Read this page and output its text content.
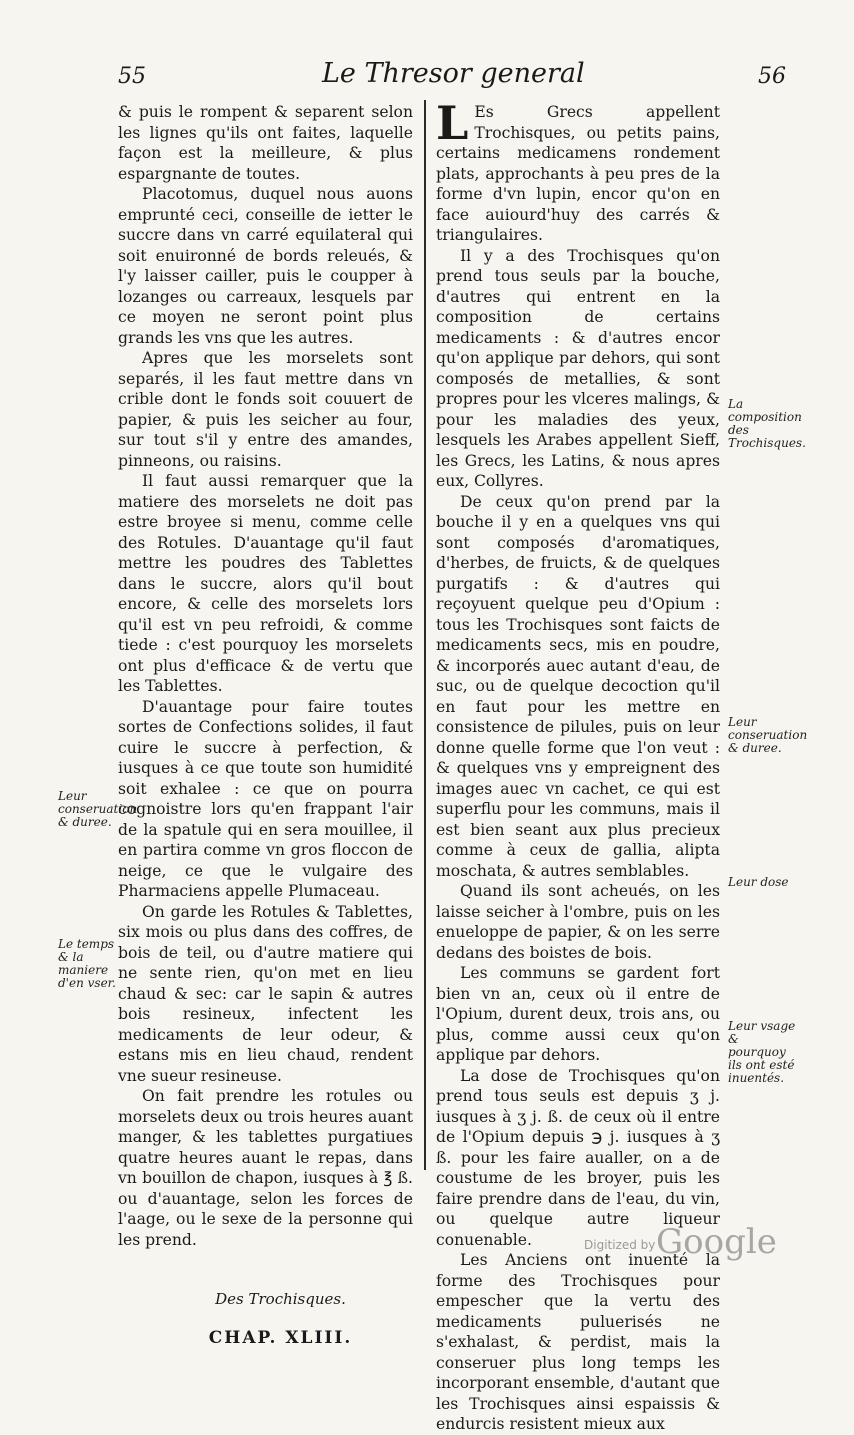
55	Le Thresor general	56

& puis le rompent & separent selon les lignes qu'ils ont faites, laquelle façon est la meilleure, & plus espargnante de toutes.

Placotomus, duquel nous auons emprunté ceci, conseille de ietter le succre dans vn carré equilateral qui soit enuironné de bords releués, & l'y laisser cailler, puis le coupper à lozanges ou carreaux, lesquels par ce moyen ne seront point plus grands les vns que les autres.

Apres que les morselets sont separés, il les faut mettre dans vn crible dont le fonds soit couuert de papier, & puis les seicher au four, sur tout s'il y entre des amandes, pinneons, ou raisins.

Il faut aussi remarquer que la matiere des morselets ne doit pas estre broyee si menu, comme celle des Rotules. D'auantage qu'il faut mettre les poudres des Tablettes dans le succre, alors qu'il bout encore, & celle des morselets lors qu'il est vn peu refroidi, & comme tiede : c'est pourquoy les morselets ont plus d'efficace & de vertu que les Tablettes.

D'auantage pour faire toutes sortes de Confections solides, il faut cuire le succre à perfection, & iusques à ce que toute son humidité soit exhalee : ce que on pourra cognoistre lors qu'en frappant l'air de la spatule qui en sera mouillee, il en partira comme vn gros floccon de neige, ce que le vulgaire des Pharmaciens appelle Plumaceau.

On garde les Rotules & Tablettes, six mois ou plus dans des coffres, de bois de teil, ou d'autre matiere qui ne sente rien, qu'on met en lieu chaud & sec: car le sapin & autres bois resineux, infectent les medicaments de leur odeur, & estans mis en lieu chaud, rendent vne sueur resineuse.

On fait prendre les rotules ou morselets deux ou trois heures auant manger, & les tablettes purgatiues quatre heures auant le repas, dans vn bouillon de chapon, iusques à ℥ ß. ou d'auantage, selon les forces de l'aage, ou le sexe de la personne qui les prend.

Des Trochisques.

CHAP. XLIII.

L Es Grecs appellent Trochisques, ou petits pains, certains medicamens rondement plats, approchants à peu pres de la forme d'vn lupin, encor qu'on en face auiourd'huy des carrés & triangulaires.

Il y a des Trochisques qu'on prend tous seuls par la bouche, d'autres qui entrent en la composition de certains medicaments : & d'autres encor qu'on applique par dehors, qui sont composés de metallies, & sont propres pour les vlceres malings, & pour les maladies des yeux, lesquels les Arabes appellent Sieff, les Grecs, les Latins, & nous apres eux, Collyres.

De ceux qu'on prend par la bouche il y en a quelques vns qui sont composés d'aromatiques, d'herbes, de fruicts, & de quelques purgatifs : & d'autres qui reçoyuent quelque peu d'Opium : tous les Trochisques sont faicts de medicaments secs, mis en poudre, & incorporés auec autant d'eau, de suc, ou de quelque decoction qu'il en faut pour les mettre en consistence de pilules, puis on leur donne quelle forme que l'on veut : & quelques vns y empreignent des images auec vn cachet, ce qui est superflu pour les communs, mais il est bien seant aux plus precieux comme à ceux de gallia, alipta moschata, & autres semblables.

Quand ils sont acheués, on les laisse seicher à l'ombre, puis on les enueloppe de papier, & on les serre dedans des boistes de bois.

Les communs se gardent fort bien vn an, ceux où il entre de l'Opium, durent deux, trois ans, ou plus, comme aussi ceux qu'on applique par dehors.

La dose de Trochisques qu'on prend tous seuls est depuis ʒ j. iusques à ʒ j. ß. de ceux où il entre de l'Opium depuis ℈ j. iusques à ʒ ß. pour les faire aualler, on a de coustume de les broyer, puis les faire prendre dans de l'eau, du vin, ou quelque autre liqueur conuenable.

Les Anciens ont inuenté la forme des Trochisques pour empescher que la vertu des medicaments puluerisés ne s'exhalast, & perdist, mais la conseruer plus long temps les incorporant ensemble, d'autant que les Trochisques ainsi espaissis & endurcis resistent mieux aux

Leur conseruation & duree.
Le temps & la maniere d'en vser.
La composition des Trochisques.
Leur conseruation & duree.
Leur dose
Leur vsage & pourquoy ils ont esté inuentés.
Digitized by Google
